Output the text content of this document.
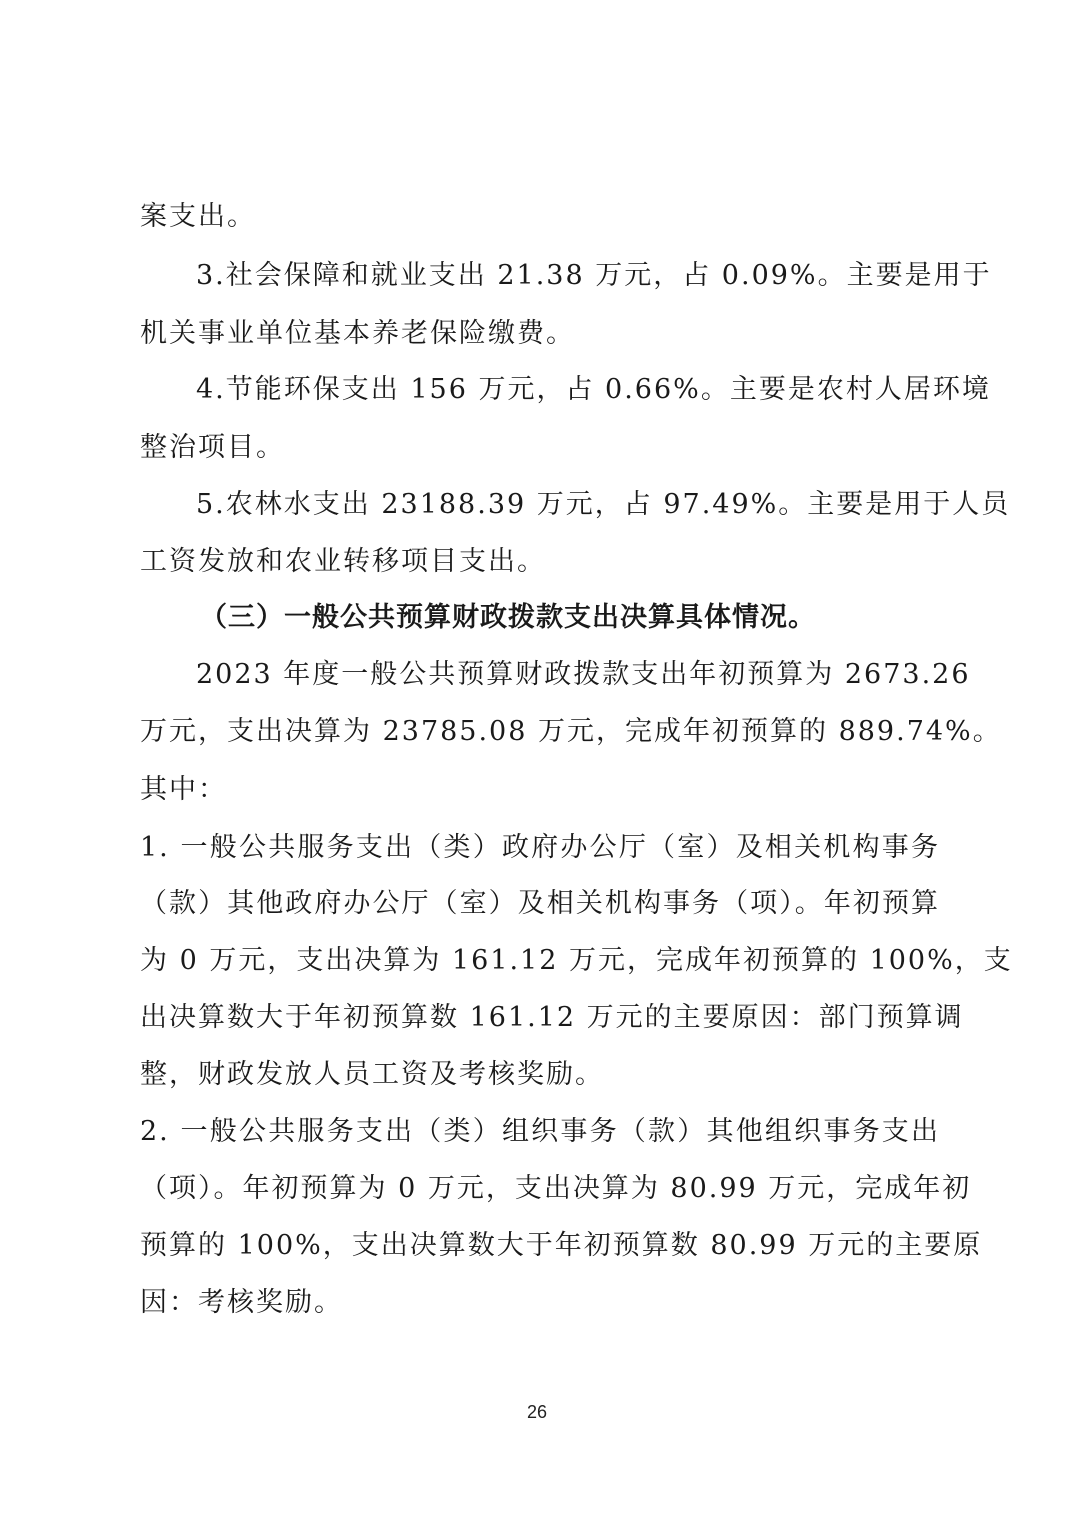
案支出。
3.社会保障和就业支出 21.38 万元，占 0.09%。主要是用于
机关事业单位基本养老保险缴费。
4.节能环保支出 156 万元，占 0.66%。主要是农村人居环境
整治项目。
5.农林水支出 23188.39 万元，占 97.49%。主要是用于人员
工资发放和农业转移项目支出。
（三）一般公共预算财政拨款支出决算具体情况。
2023 年度一般公共预算财政拨款支出年初预算为 2673.26
万元，支出决算为 23785.08 万元，完成年初预算的 889.74%。
其中：
1. 一般公共服务支出（类）政府办公厅（室）及相关机构事务
（款）其他政府办公厅（室）及相关机构事务（项）。年初预算
为 0 万元，支出决算为 161.12 万元，完成年初预算的 100%，支
出决算数大于年初预算数 161.12 万元的主要原因：部门预算调
整，财政发放人员工资及考核奖励。
2. 一般公共服务支出（类）组织事务（款）其他组织事务支出
（项）。年初预算为 0 万元，支出决算为 80.99 万元，完成年初
预算的 100%，支出决算数大于年初预算数 80.99 万元的主要原
因：考核奖励。
26
